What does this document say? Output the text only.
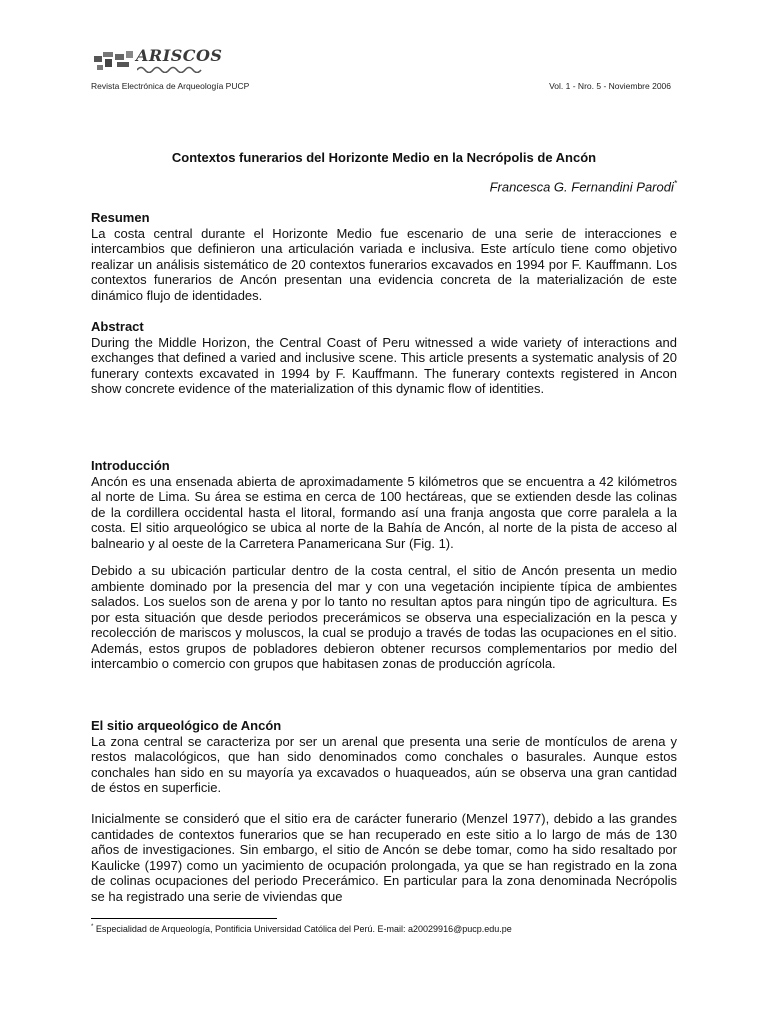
ARISCOS
Revista Electrónica de Arqueología PUCP	Vol. 1 - Nro. 5 - Noviembre 2006
Contextos funerarios del Horizonte Medio en la Necrópolis de Ancón
Francesca G. Fernandini Parodi*
Resumen

La costa central durante el Horizonte Medio fue escenario de una serie de interacciones e intercambios que definieron una articulación variada e inclusiva. Este artículo tiene como objetivo realizar un análisis sistemático de 20 contextos funerarios excavados en 1994 por F. Kauffmann. Los contextos funerarios de Ancón presentan una evidencia concreta de la materialización de este dinámico flujo de identidades.

Abstract

During the Middle Horizon, the Central Coast of Peru witnessed a wide variety of interactions and exchanges that defined a varied and inclusive scene. This article presents a systematic analysis of 20 funerary contexts excavated in 1994 by F. Kauffmann. The funerary contexts registered in Ancon show concrete evidence of the materialization of this dynamic flow of identities.

Introducción

Ancón es una ensenada abierta de aproximadamente 5 kilómetros que se encuentra a 42 kilómetros al norte de Lima. Su área se estima en cerca de 100 hectáreas, que se extienden desde las colinas de la cordillera occidental hasta el litoral, formando así una franja angosta que corre paralela a la costa. El sitio arqueológico se ubica al norte de la Bahía de Ancón, al norte de la pista de acceso al balneario y al oeste de la Carretera Panamericana Sur (Fig. 1).

Debido a su ubicación particular dentro de la costa central, el sitio de Ancón presenta un medio ambiente dominado por la presencia del mar y con una vegetación incipiente típica de ambientes salados. Los suelos son de arena y por lo tanto no resultan aptos para ningún tipo de agricultura. Es por esta situación que desde periodos precerámicos se observa una especialización en la pesca y recolección de mariscos y moluscos, la cual se produjo a través de todas las ocupaciones en el sitio. Además, estos grupos de pobladores debieron obtener recursos complementarios por medio del intercambio o comercio con grupos que habitasen zonas de producción agrícola.

El sitio arqueológico de Ancón

La zona central se caracteriza por ser un arenal que presenta una serie de montículos de arena y restos malacológicos, que han sido denominados como conchales o basurales. Aunque estos conchales han sido en su mayoría ya excavados o huaqueados, aún se observa una gran cantidad de éstos en superficie.

Inicialmente se consideró que el sitio era de carácter funerario (Menzel 1977), debido a las grandes cantidades de contextos funerarios que se han recuperado en este sitio a lo largo de más de 130 años de investigaciones. Sin embargo, el sitio de Ancón se debe tomar, como ha sido resaltado por Kaulicke (1997) como un yacimiento de ocupación prolongada, ya que se han registrado en la zona de colinas ocupaciones del periodo Precerámico. En particular para la zona denominada Necrópolis se ha registrado una serie de viviendas que

* Especialidad de Arqueología, Pontificia Universidad Católica del Perú. E-mail: a20029916@pucp.edu.pe
